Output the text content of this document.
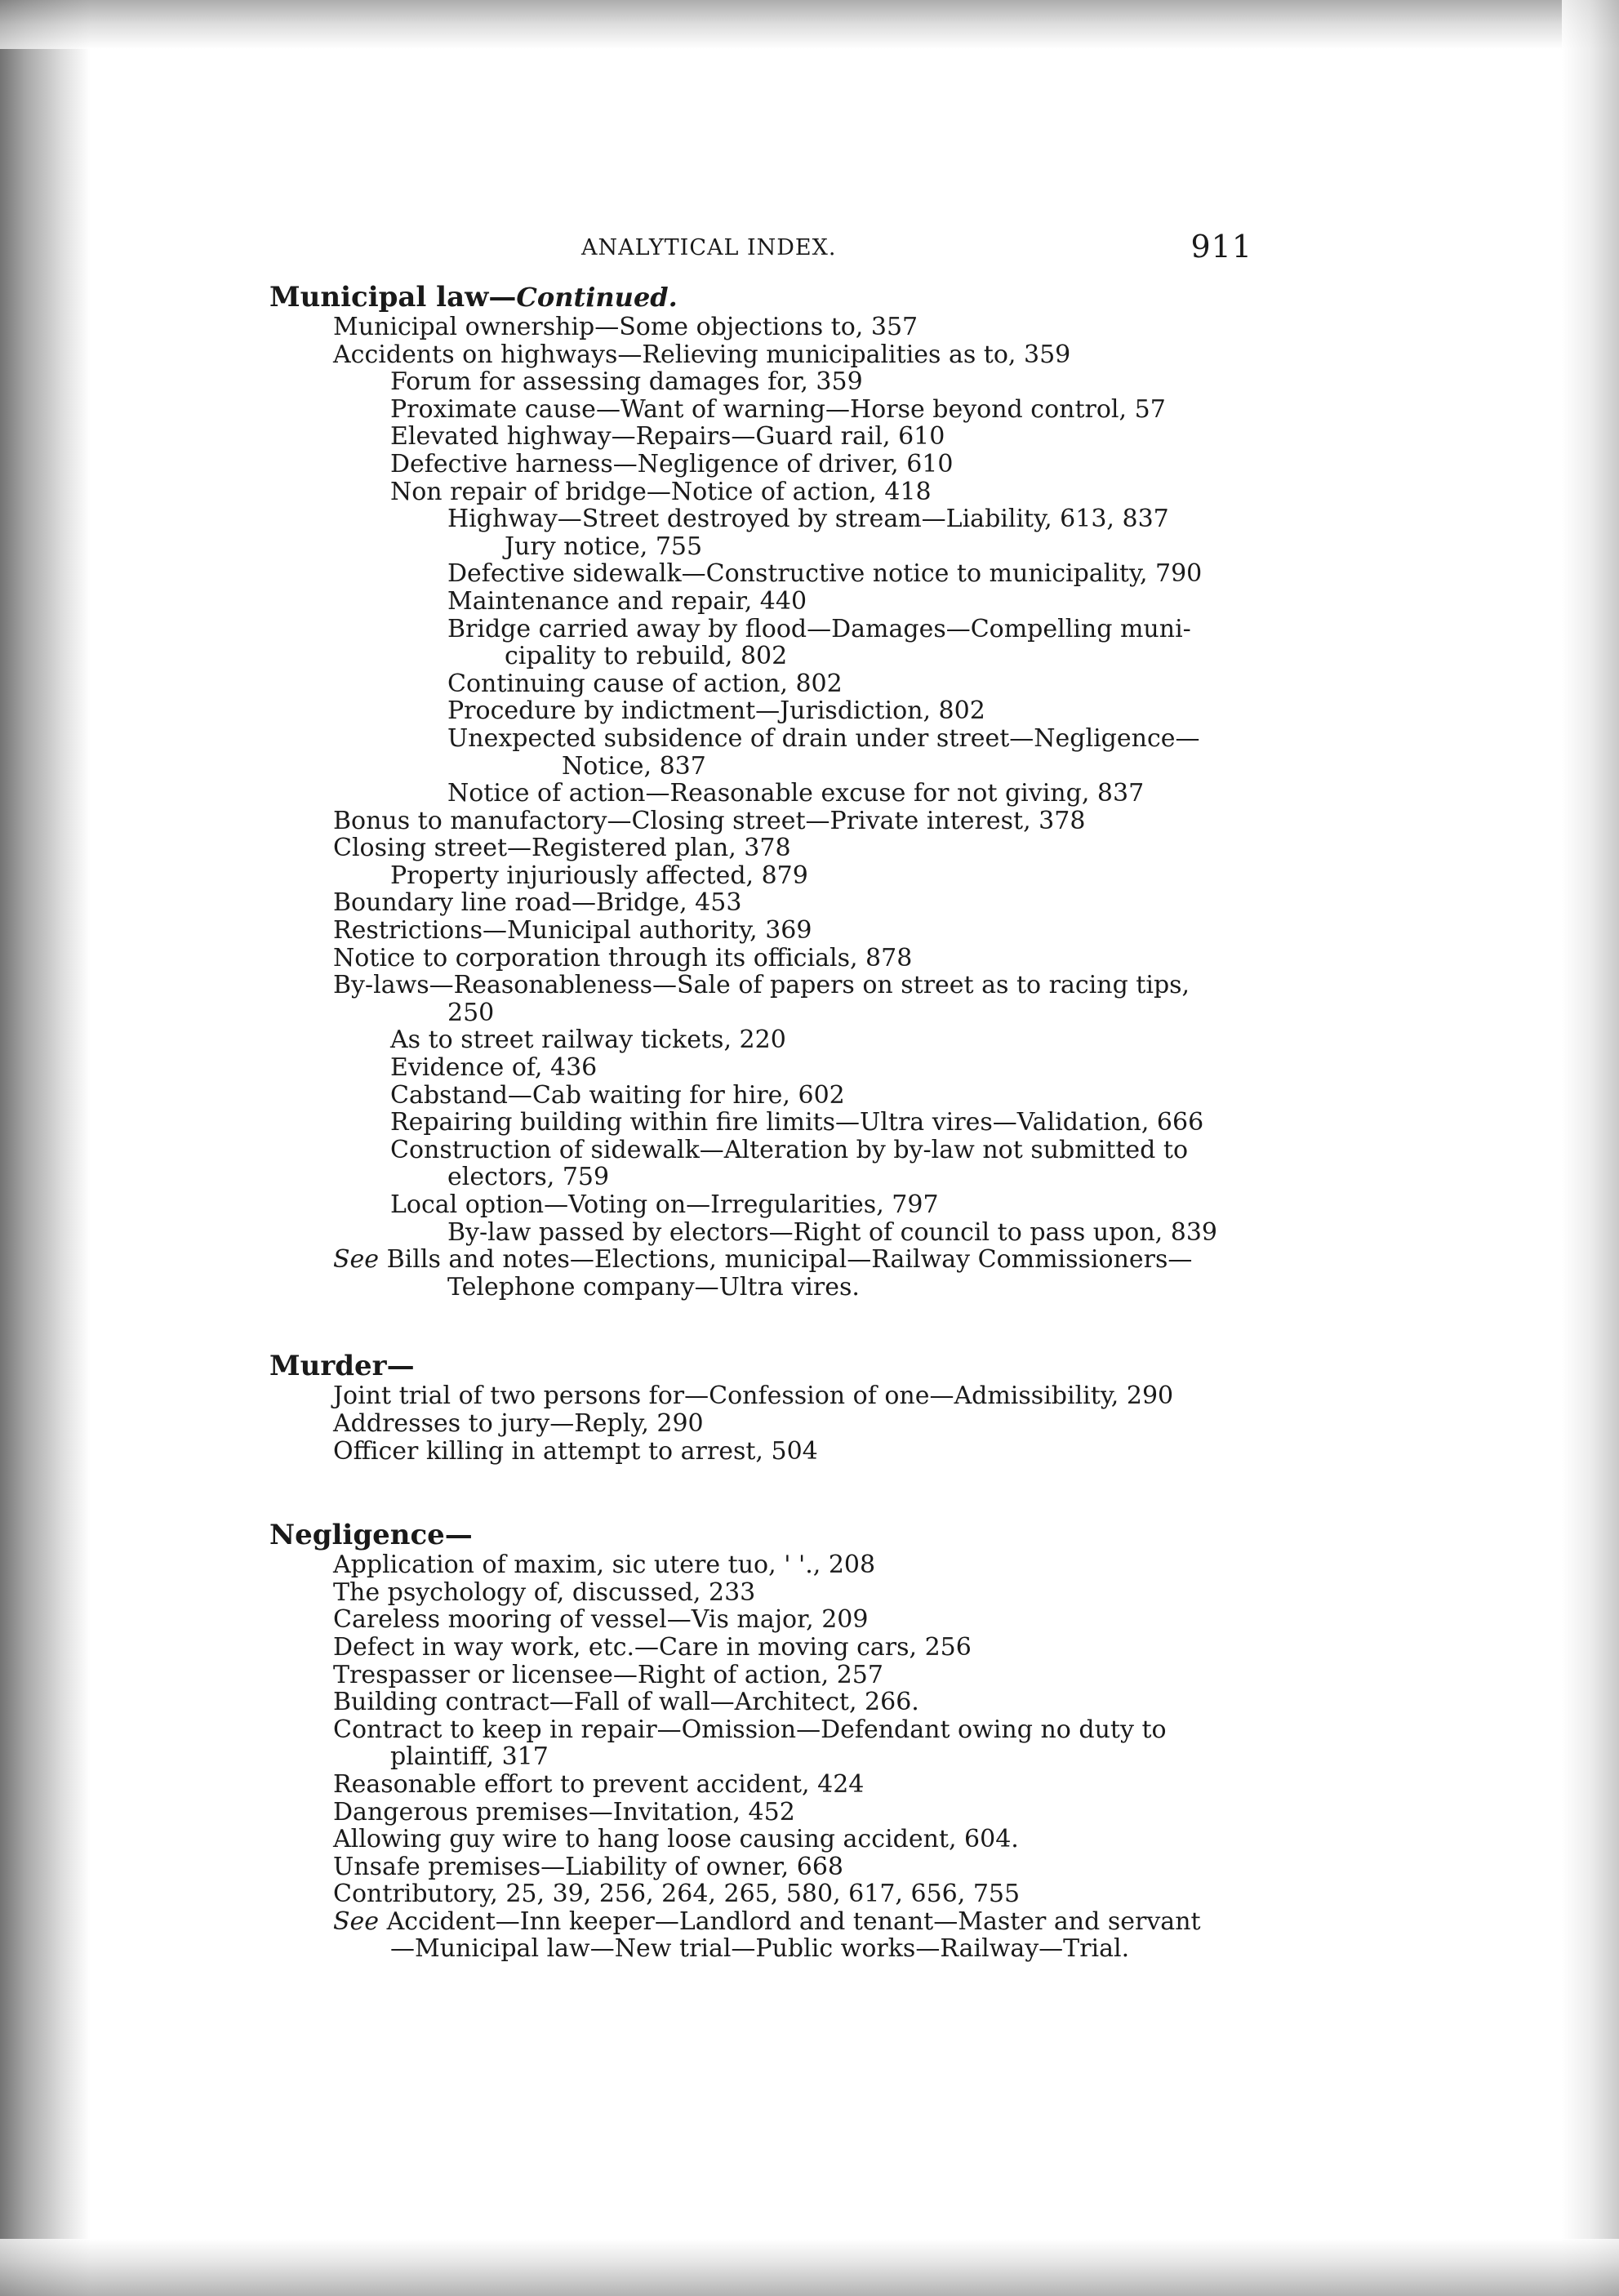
ANALYTICAL INDEX.	911
Municipal law—Continued.
Municipal ownership—Some objections to, 357
Accidents on highways—Relieving municipalities as to, 359
Forum for assessing damages for, 359
Proximate cause—Want of warning—Horse beyond control, 57
Elevated highway—Repairs—Guard rail, 610
Defective harness—Negligence of driver, 610
Non repair of bridge—Notice of action, 418
Highway—Street destroyed by stream—Liability, 613, 837
Jury notice, 755
Defective sidewalk—Constructive notice to municipality, 790
Maintenance and repair, 440
Bridge carried away by flood—Damages—Compelling muni-
cipality to rebuild, 802
Continuing cause of action, 802
Procedure by indictment—Jurisdiction, 802
Unexpected subsidence of drain under street—Negligence—
Notice, 837
Notice of action—Reasonable excuse for not giving, 837
Bonus to manufactory—Closing street—Private interest, 378
Closing street—Registered plan, 378
Property injuriously affected, 879
Boundary line road—Bridge, 453
Restrictions—Municipal authority, 369
Notice to corporation through its officials, 878
By-laws—Reasonableness—Sale of papers on street as to racing tips,
250
As to street railway tickets, 220
Evidence of, 436
Cabstand—Cab waiting for hire, 602
Repairing building within fire limits—Ultra vires—Validation, 666
Construction of sidewalk—Alteration by by-law not submitted to
electors, 759
Local option—Voting on—Irregularities, 797
By-law passed by electors—Right of council to pass upon, 839
See Bills and notes—Elections, municipal—Railway Commissioners—
Telephone company—Ultra vires.
Murder—
Joint trial of two persons for—Confession of one—Admissibility, 290
Addresses to jury—Reply, 290
Officer killing in attempt to arrest, 504
Negligence—
Application of maxim, sic utere tuo, ' '., 208
The psychology of, discussed, 233
Careless mooring of vessel—Vis major, 209
Defect in way work, etc.—Care in moving cars, 256
Trespasser or licensee—Right of action, 257
Building contract—Fall of wall—Architect, 266.
Contract to keep in repair—Omission—Defendant owing no duty to
plaintiff, 317
Reasonable effort to prevent accident, 424
Dangerous premises—Invitation, 452
Allowing guy wire to hang loose causing accident, 604.
Unsafe premises—Liability of owner, 668
Contributory, 25, 39, 256, 264, 265, 580, 617, 656, 755
See Accident—Inn keeper—Landlord and tenant—Master and servant
—Municipal law—New trial—Public works—Railway—Trial.
